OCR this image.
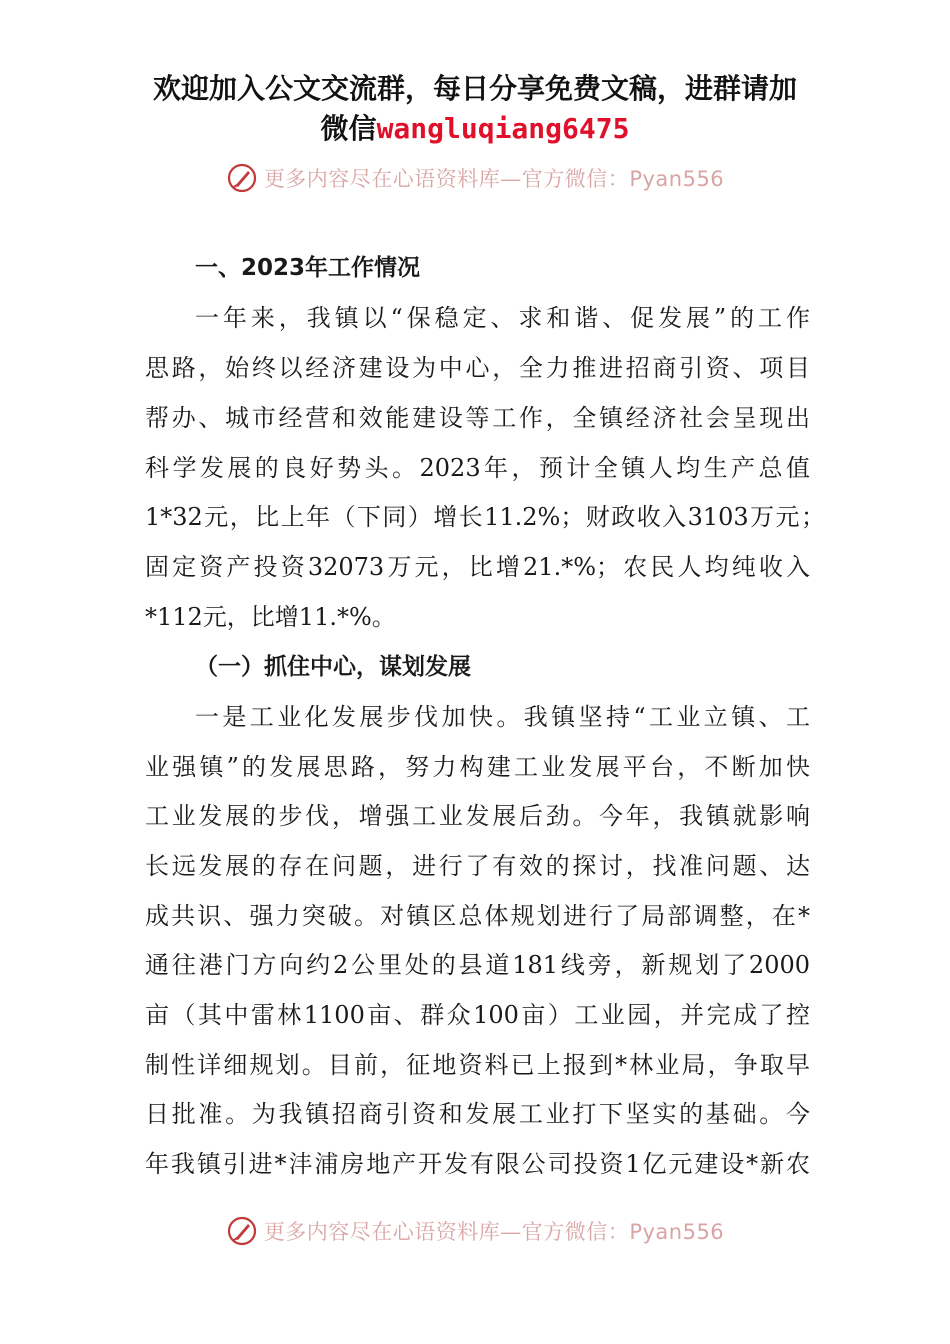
欢迎加入公文交流群，每日分享免费文稿，进群请加
微信wangluqiang6475
更多内容尽在心语资料库—官方微信：Pyan556
一、2023年工作情况
一年来，我镇以“保稳定、求和谐、促发展”的工作
思路，始终以经济建设为中心，全力推进招商引资、项目
帮办、城市经营和效能建设等工作，全镇经济社会呈现出
科学发展的良好势头。2023年，预计全镇人均生产总值
1*32元，比上年（下同）增长11.2%；财政收入3103万元；
固定资产投资32073万元，比增21.*%；农民人均纯收入
*112元，比增11.*%。
（一）抓住中心，谋划发展
一是工业化发展步伐加快。我镇坚持“工业立镇、工
业强镇”的发展思路，努力构建工业发展平台，不断加快
工业发展的步伐，增强工业发展后劲。今年，我镇就影响
长远发展的存在问题，进行了有效的探讨，找准问题、达
成共识、强力突破。对镇区总体规划进行了局部调整，在*
通往港门方向约2公里处的县道181线旁，新规划了2000
亩（其中雷林1100亩、群众100亩）工业园，并完成了控
制性详细规划。目前，征地资料已上报到*林业局，争取早
日批准。为我镇招商引资和发展工业打下坚实的基础。今
年我镇引进*沣浦房地产开发有限公司投资1亿元建设*新农
更多内容尽在心语资料库—官方微信：Pyan556
